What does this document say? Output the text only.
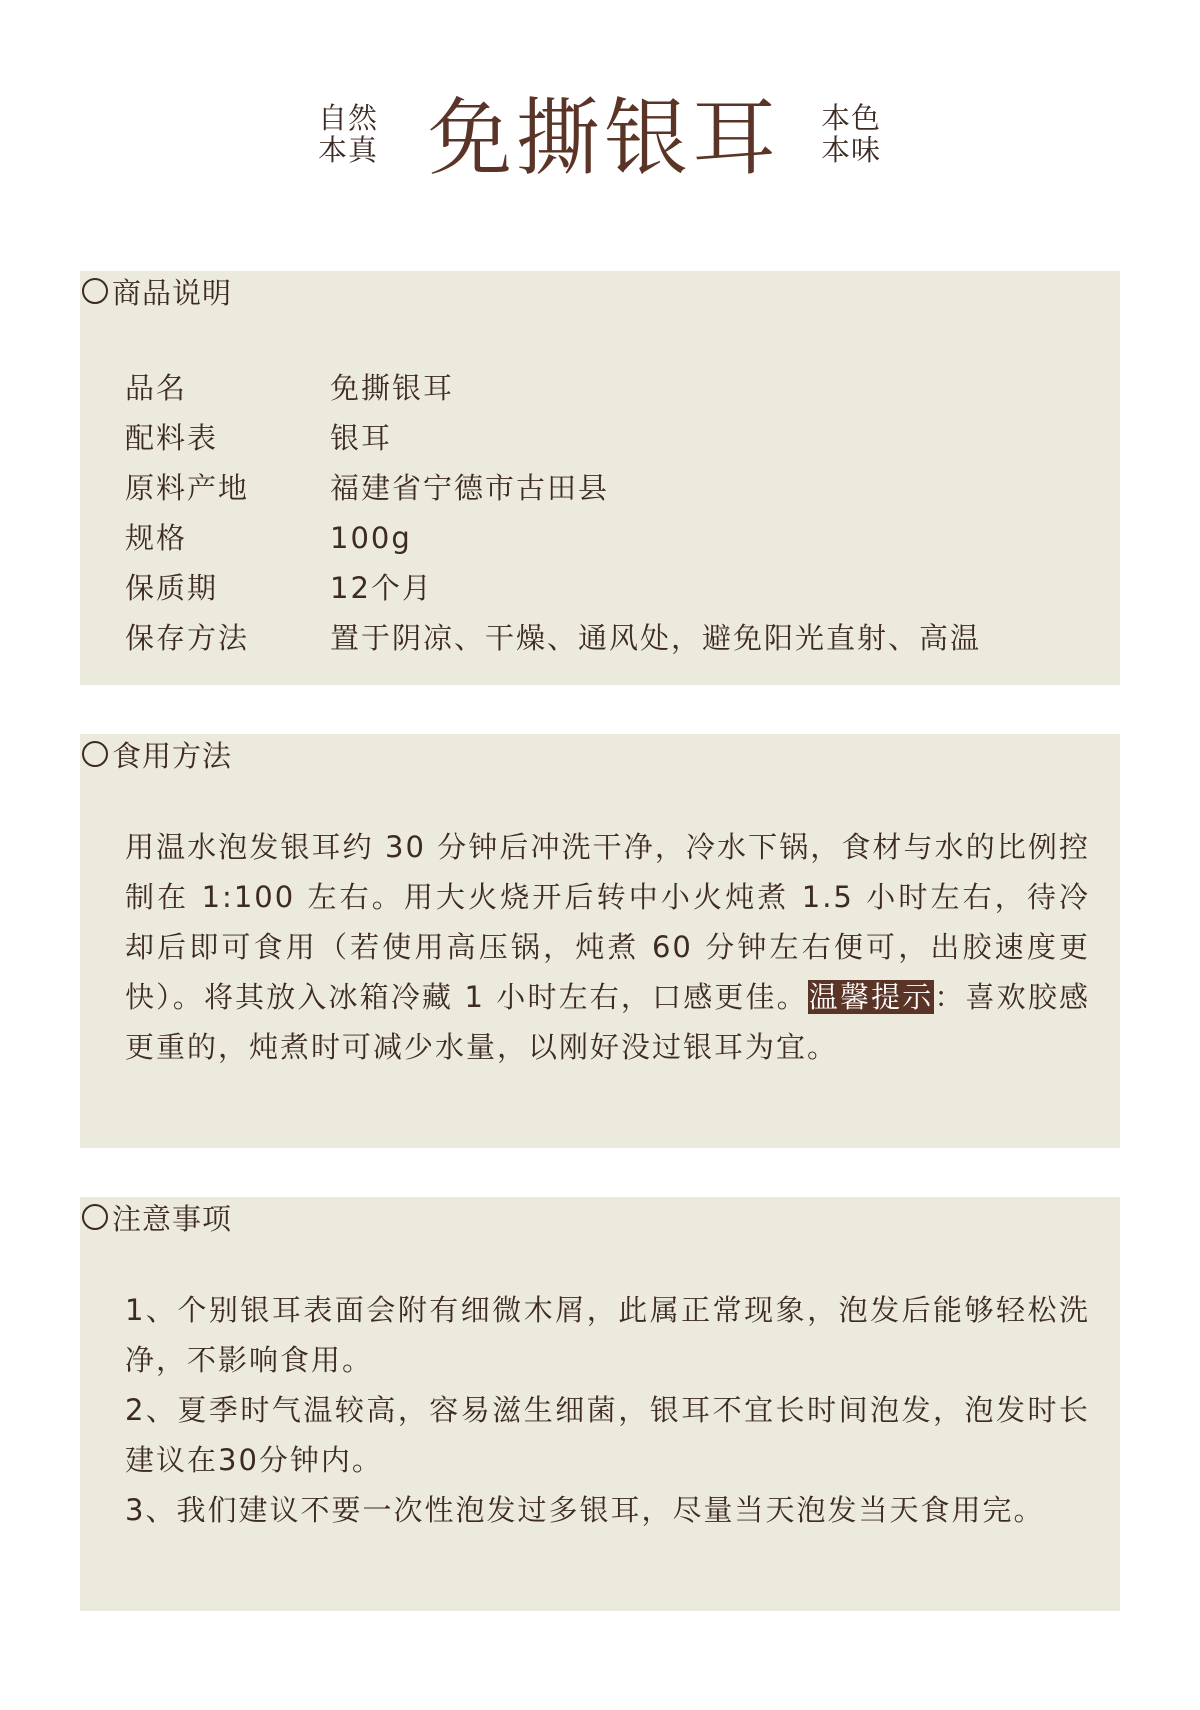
自然
本真 免撕银耳 本色
本味
商品说明
品名	免撕银耳
配料表	银耳
原料产地	福建省宁德市古田县
规格	100g
保质期	12个月
保存方法	置于阴凉、干燥、通风处，避免阳光直射、高温
食用方法
用温水泡发银耳约 30 分钟后冲洗干净，冷水下锅，食材与水的比例控制在 1:100 左右。用大火烧开后转中小火炖煮 1.5 小时左右，待冷却后即可食用（若使用高压锅，炖煮 60 分钟左右便可，出胶速度更快）。将其放入冰箱冷藏 1 小时左右，口感更佳。温馨提示：喜欢胶感更重的，炖煮时可减少水量，以刚好没过银耳为宜。
注意事项

1、个别银耳表面会附有细微木屑，此属正常现象，泡发后能够轻松洗净，不影响食用。

2、夏季时气温较高，容易滋生细菌，银耳不宜长时间泡发，泡发时长建议在30分钟内。

3、我们建议不要一次性泡发过多银耳，尽量当天泡发当天食用完。
